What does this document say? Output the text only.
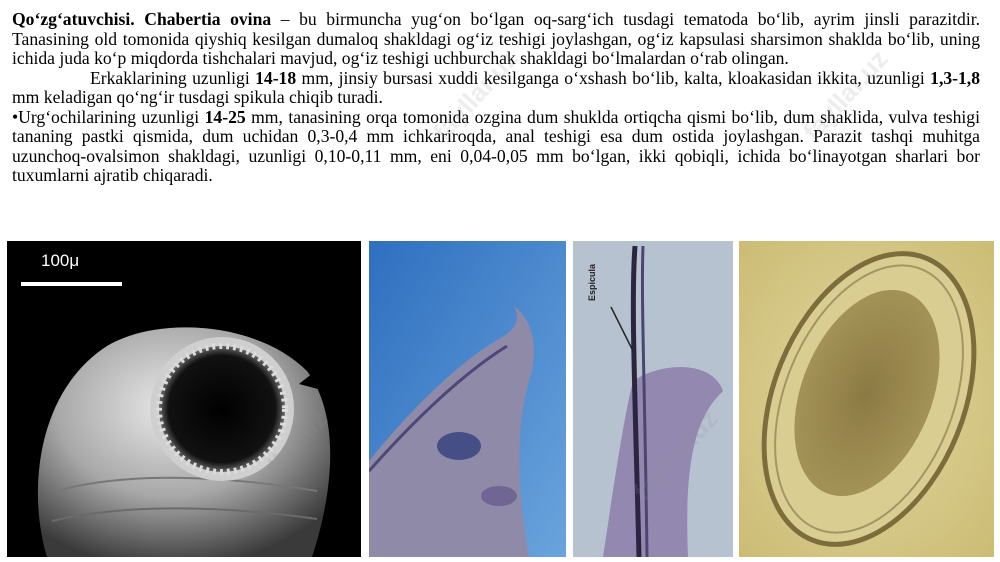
Qo‘zg‘atuvchisi. Chabertia ovina – bu birmuncha yug‘on bo‘lgan oq-sarg‘ich tusdagi tematoda bo‘lib, ayrim jinsli parazitdir. Tanasining old tomonida qiyshiq kesilgan dumaloq shakldagi og‘iz teshigi joylashgan, og‘iz kapsulasi sharsimon shaklda bo‘lib, uning ichida juda ko‘p miqdorda tishchalari mavjud, og‘iz teshigi uchburchak shakldagi bo‘lmalardan o‘rab olingan.

Erkaklarining uzunligi 14-18 mm, jinsiy bursasi xuddi kesilganga o‘xshash bo‘lib, kalta, kloakasidan ikkita, uzunligi 1,3-1,8 mm keladigan qo‘ng‘ir tusdagi spikula chiqib turadi.

•Urg‘ochilarining uzunligi 14-25 mm, tanasining orqa tomonida ozgina dum shuklda ortiqcha qismi bo‘lib, dum shaklida, vulva teshigi tananing pastki qismida, dum uchidan 0,3-0,4 mm ichkariroqda, anal teshigi esa dum ostida joylashgan. Parazit tashqi muhitga uzunchoq-ovalsimon shakldagi, uzunligi 0,10-0,11 mm, eni 0,04-0,05 mm bo‘lgan, ikki qobiqli, ichida bo‘linayotgan sharlari bor tuxumlarni ajratib chiqaradi.

100μ
Espicula
fayllar.uz	fayllar.uz
